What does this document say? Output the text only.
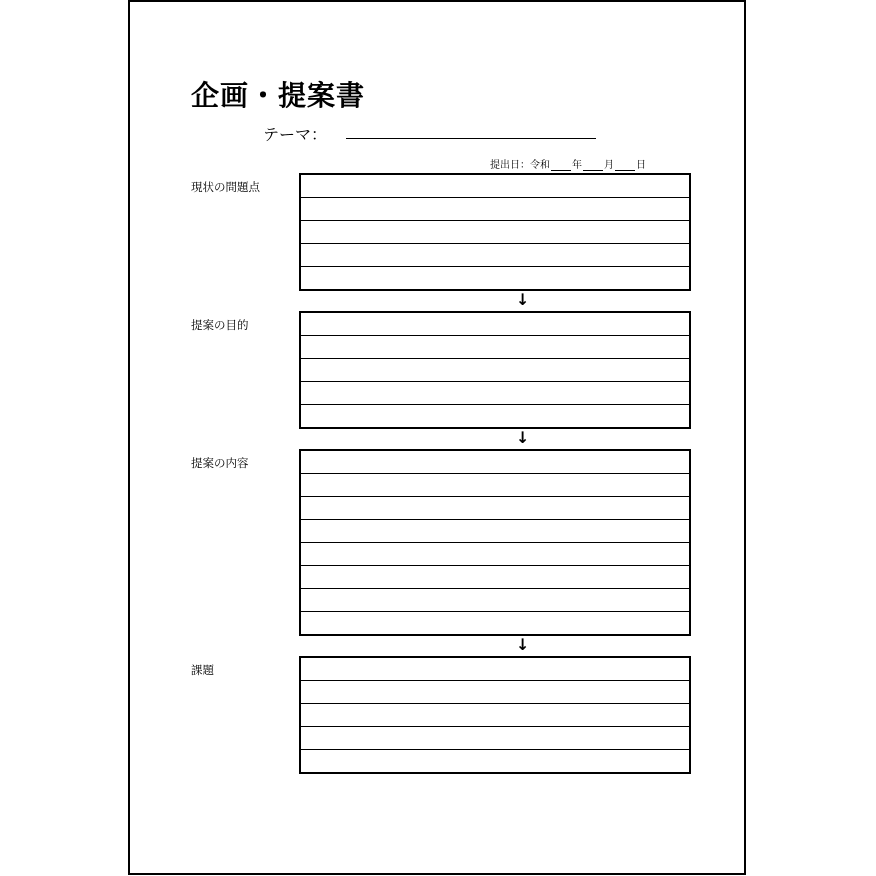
企画・提案書
テーマ：
提出日：令和 年 月 日
現状の問題点
↓
提案の目的
↓
提案の内容
↓
課題
